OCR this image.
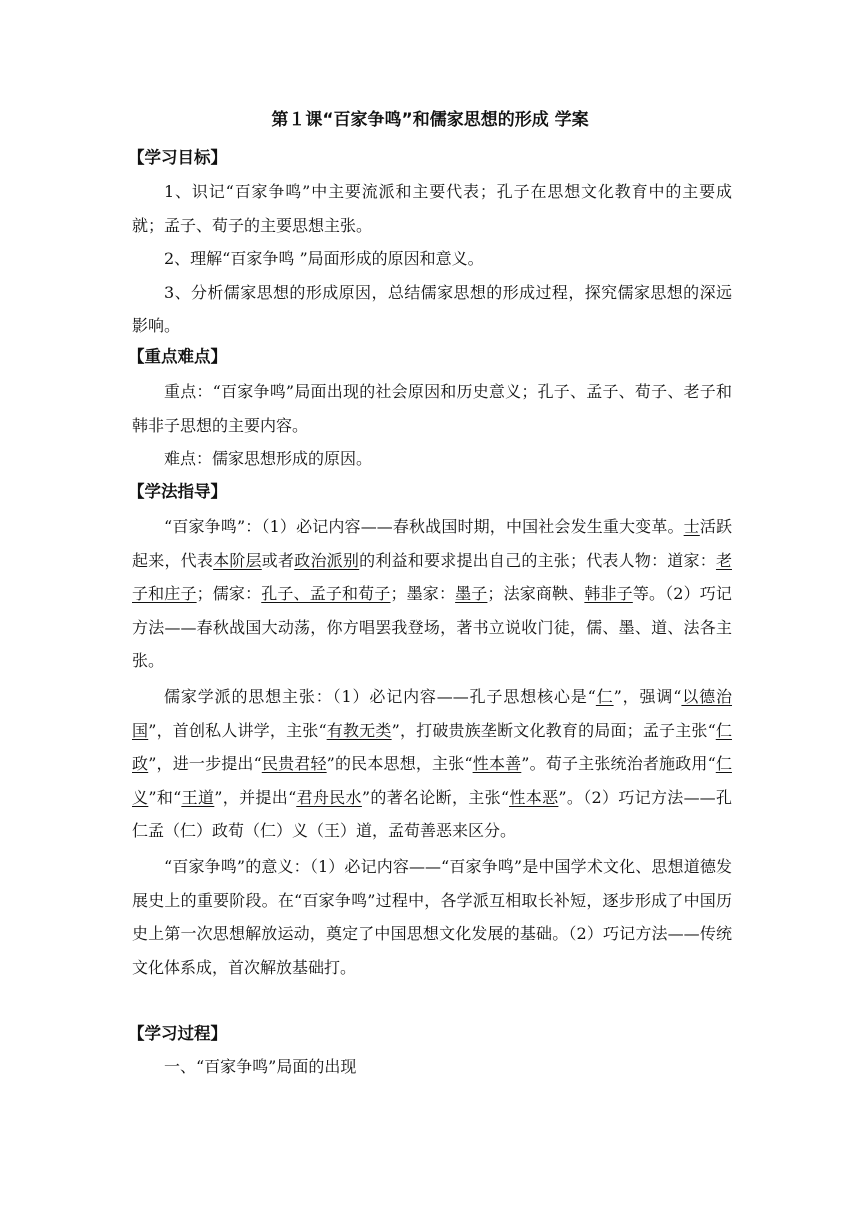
第１课“百家争鸣”和儒家思想的形成 学案
【学习目标】
1、识记“百家争鸣”中主要流派和主要代表；孔子在思想文化教育中的主要成就；孟子、荀子的主要思想主张。
2、理解“百家争鸣 ”局面形成的原因和意义。
3、分析儒家思想的形成原因，总结儒家思想的形成过程，探究儒家思想的深远影响。
【重点难点】
重点：“百家争鸣”局面出现的社会原因和历史意义；孔子、孟子、荀子、老子和韩非子思想的主要内容。
难点：儒家思想形成的原因。
【学法指导】
“百家争鸣”：（1）必记内容——春秋战国时期，中国社会发生重大变革。士活跃起来，代表本阶层或者政治派别的利益和要求提出自己的主张；代表人物：道家：老子和庄子；儒家：孔子、孟子和荀子；墨家：墨子；法家商鞅、韩非子等。（2）巧记方法——春秋战国大动荡，你方唱罢我登场，著书立说收门徒，儒、墨、道、法各主张。
儒家学派的思想主张：（1）必记内容——孔子思想核心是“仁”，强调“以德治国”，首创私人讲学，主张“有教无类”，打破贵族垄断文化教育的局面；孟子主张“仁政”，进一步提出“民贵君轻”的民本思想，主张“性本善”。荀子主张统治者施政用“仁义”和“王道”，并提出“君舟民水”的著名论断，主张“性本恶”。（2）巧记方法——孔仁孟（仁）政荀（仁）义（王）道，孟荀善恶来区分。
“百家争鸣”的意义：（1）必记内容——“百家争鸣”是中国学术文化、思想道德发展史上的重要阶段。在“百家争鸣”过程中，各学派互相取长补短，逐步形成了中国历史上第一次思想解放运动，奠定了中国思想文化发展的基础。（2）巧记方法——传统文化体系成，首次解放基础打。
【学习过程】
一、“百家争鸣”局面的出现
